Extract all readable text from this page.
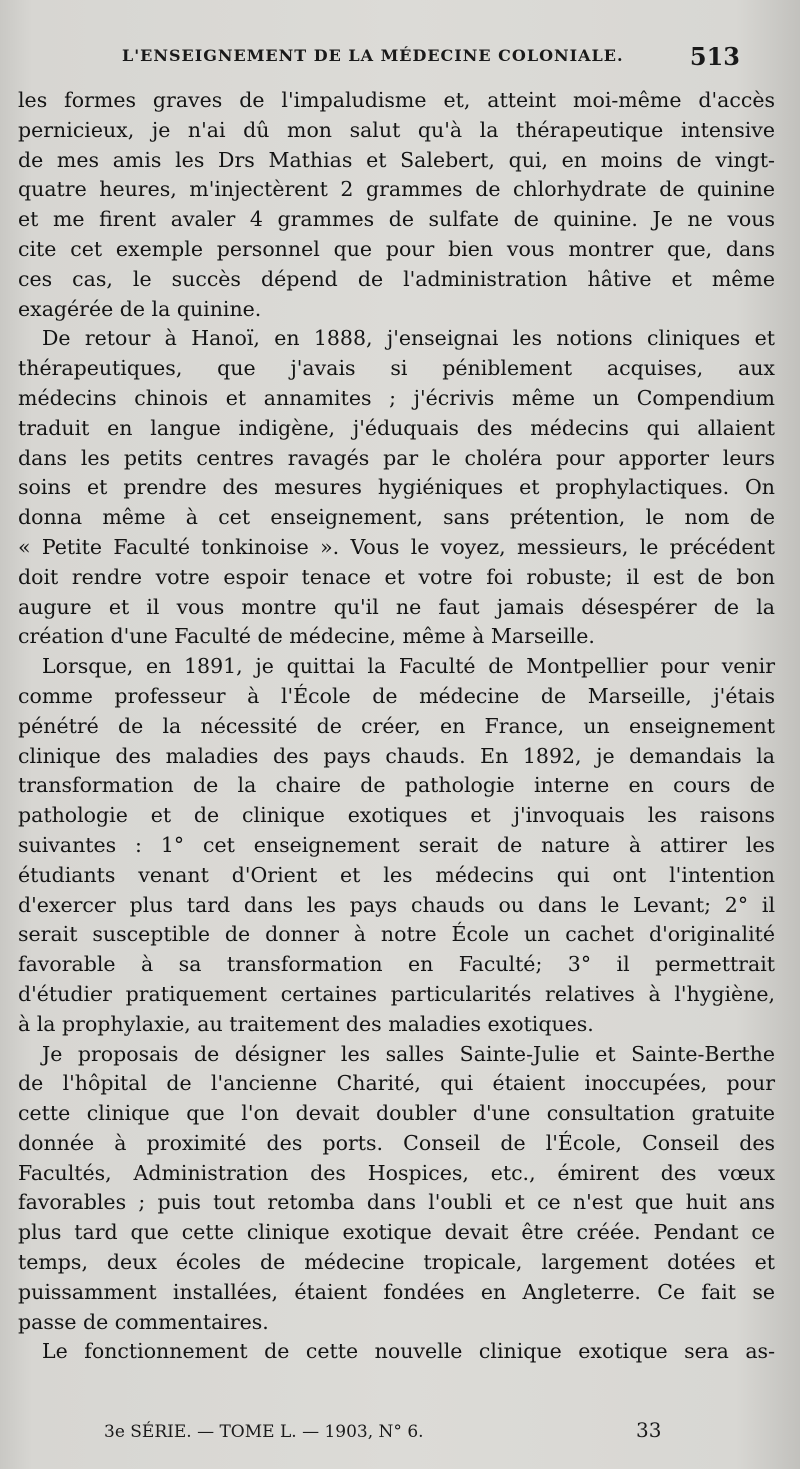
L'ENSEIGNEMENT DE LA MÉDECINE COLONIALE.	513
les formes graves de l'impaludisme et, atteint moi-même d'accès
pernicieux, je n'ai dû mon salut qu'à la thérapeutique intensive
de mes amis les Drs Mathias et Salebert, qui, en moins de vingt-
quatre heures, m'injectèrent 2 grammes de chlorhydrate de quinine
et me firent avaler 4 grammes de sulfate de quinine. Je ne vous
cite cet exemple personnel que pour bien vous montrer que, dans
ces cas, le succès dépend de l'administration hâtive et même
exagérée de la quinine.
De retour à Hanoï, en 1888, j'enseignai les notions cliniques et
thérapeutiques, que j'avais si péniblement acquises, aux
médecins chinois et annamites ; j'écrivis même un Compendium
traduit en langue indigène, j'éduquais des médecins qui allaient
dans les petits centres ravagés par le choléra pour apporter leurs
soins et prendre des mesures hygiéniques et prophylactiques. On
donna même à cet enseignement, sans prétention, le nom de
« Petite Faculté tonkinoise ». Vous le voyez, messieurs, le précédent
doit rendre votre espoir tenace et votre foi robuste; il est de bon
augure et il vous montre qu'il ne faut jamais désespérer de la
création d'une Faculté de médecine, même à Marseille.
Lorsque, en 1891, je quittai la Faculté de Montpellier pour venir
comme professeur à l'École de médecine de Marseille, j'étais
pénétré de la nécessité de créer, en France, un enseignement
clinique des maladies des pays chauds. En 1892, je demandais la
transformation de la chaire de pathologie interne en cours de
pathologie et de clinique exotiques et j'invoquais les raisons
suivantes : 1° cet enseignement serait de nature à attirer les
étudiants venant d'Orient et les médecins qui ont l'intention
d'exercer plus tard dans les pays chauds ou dans le Levant; 2° il
serait susceptible de donner à notre École un cachet d'originalité
favorable à sa transformation en Faculté; 3° il permettrait
d'étudier pratiquement certaines particularités relatives à l'hygiène,
à la prophylaxie, au traitement des maladies exotiques.
Je proposais de désigner les salles Sainte-Julie et Sainte-Berthe
de l'hôpital de l'ancienne Charité, qui étaient inoccupées, pour
cette clinique que l'on devait doubler d'une consultation gratuite
donnée à proximité des ports. Conseil de l'École, Conseil des
Facultés, Administration des Hospices, etc., émirent des vœux
favorables ; puis tout retomba dans l'oubli et ce n'est que huit ans
plus tard que cette clinique exotique devait être créée. Pendant ce
temps, deux écoles de médecine tropicale, largement dotées et
puissamment installées, étaient fondées en Angleterre. Ce fait se
passe de commentaires.
Le fonctionnement de cette nouvelle clinique exotique sera as-
3e SÉRIE. — TOME L. — 1903, N° 6.	33
